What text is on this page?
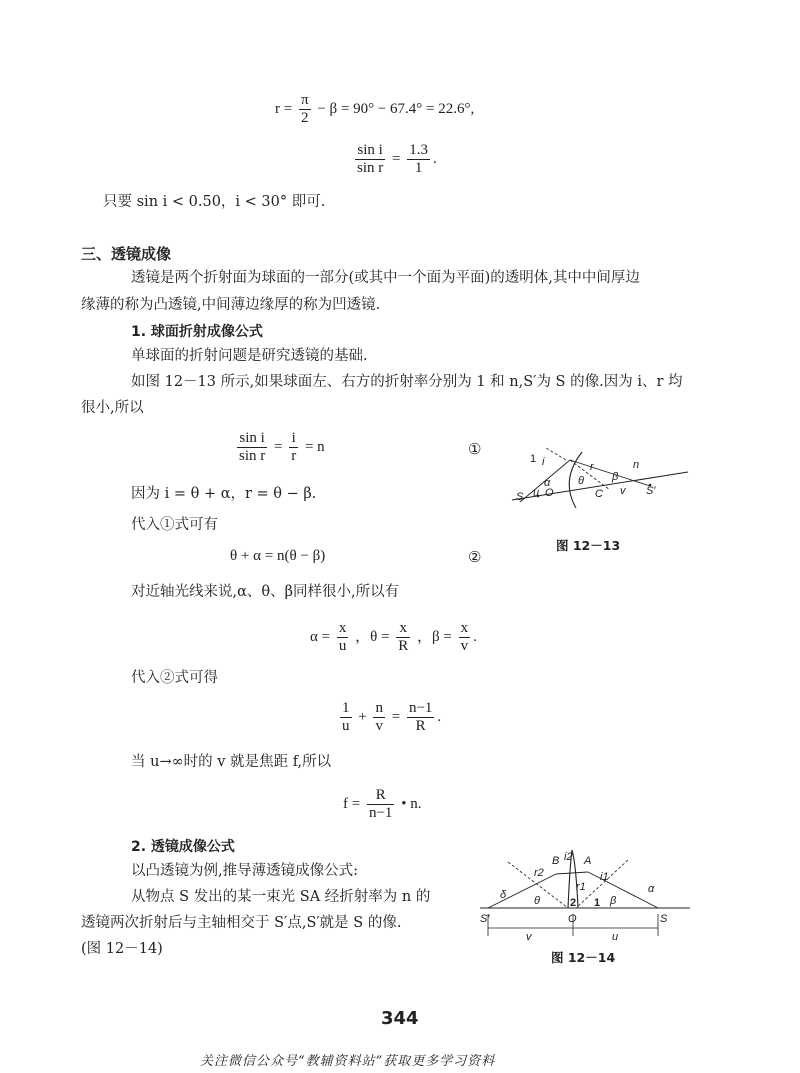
$r = \frac{\pi}{2} - \beta = 90^\circ - 67.4^\circ = 22.6^\circ$,
$\frac{\text{sin i}}{\text{sin r}} = \frac{1.3}{1}$ .
只要 sin i < 0.50，i < 30° 即可.
三、透镜成像
透镜是两个折射面为球面的一部分(或其中一个面为平面)的透明体,其中中间厚边
缘薄的称为凸透镜,中间薄边缘厚的称为凹透镜.
1. 球面折射成像公式
单球面的折射问题是研究透镜的基础.
如图 12－13 所示,如果球面左、右方的折射率分别为 1 和 n,S′为 S 的像.因为 i、r 均
很小,所以
$\frac{\text{sin i}}{\text{sin r}} = \frac{i}{r} = n$	①
因为 i = θ + α，r = θ − β.
代入①式可有
θ + α = n(θ − β)	②
对近轴光线来说,α、θ、β同样很小,所以有
$\alpha = \frac{x}{u}$ ，$\theta = \frac{x}{R}$ ，$\beta = \frac{x}{v}$ .
代入②式可得
$\frac{1}{u} + \frac{n}{v} = \frac{n-1}{R}$ .
当 u→∞时的 v 就是焦距 f,所以
$f = \frac{R}{n-1}$ • n.
1 i
α	θ
r
β
n
S u O	C v S′
图 12－13
2. 透镜成像公式
以凸透镜为例,推导薄透镜成像公式:
从物点 S 发出的某一束光 SA 经折射率为 n 的
透镜两次折射后与主轴相交于 S′点,S′就是 S 的像.
(图 12－14)
B i2 A
r2
r1
i1
δ	θ
α
β
2 1
S′	O	S
v	u
图 12－14
344
关注微信公众号“教辅资料站”获取更多学习资料
